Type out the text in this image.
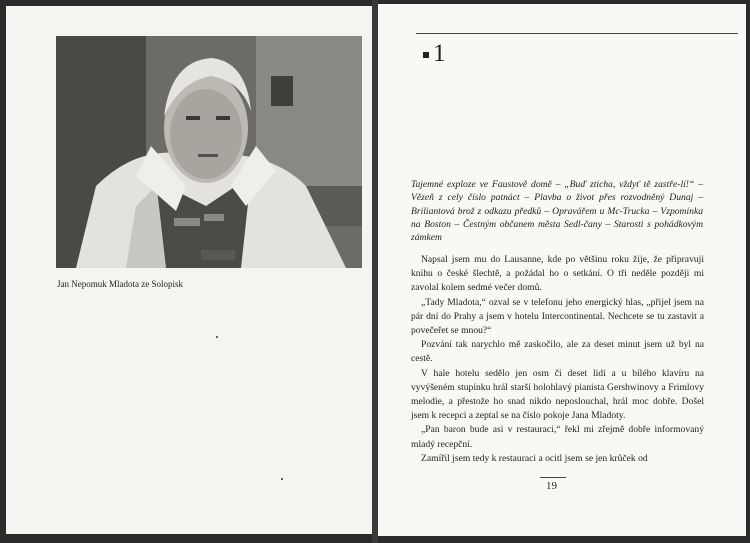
Jan Nepomuk Mladota ze Solopisk
1
Tajemné exploze ve Faustově domě – „Buď zticha, vždyť tě zastře-lí!“ – Vězeň z cely číslo patnáct – Plavba o život přes rozvodněný Dunaj – Briliantová brož z odkazu předků – Opravářem u Mc-Trucka – Vzpomínka na Boston – Čestným občanem města Sedl-čany – Starosti s pohádkovým zámkem

Napsal jsem mu do Lausanne, kde po většinu roku žije, že připravuji knihu o české šlechtě, a požádal ho o setkání. O tři neděle později mi zavolal kolem sedmé večer domů.

„Tady Mladota,“ ozval se v telefonu jeho energický hlas, „přijel jsem na pár dní do Prahy a jsem v hotelu Intercontinental. Nechcete se tu zastavit a povečeřet se mnou?“

Pozvání tak narychlo mě zaskočilo, ale za deset minut jsem už byl na cestě.

V hale hotelu sedělo jen osm či deset lidí a u bílého klavíru na vyvýšeném stupínku hrál starší holohlavý pianista Gershwinovy a Frimlovy melodie, a přestože ho snad nikdo neposlouchal, hrál moc dobře. Došel jsem k recepci a zeptal se na číslo pokoje Jana Mladoty.

„Pan baron bude asi v restauraci,“ řekl mi zřejmě dobře informovaný mladý recepční.

Zamířil jsem tedy k restauraci a ocitl jsem se jen krůček od

19
